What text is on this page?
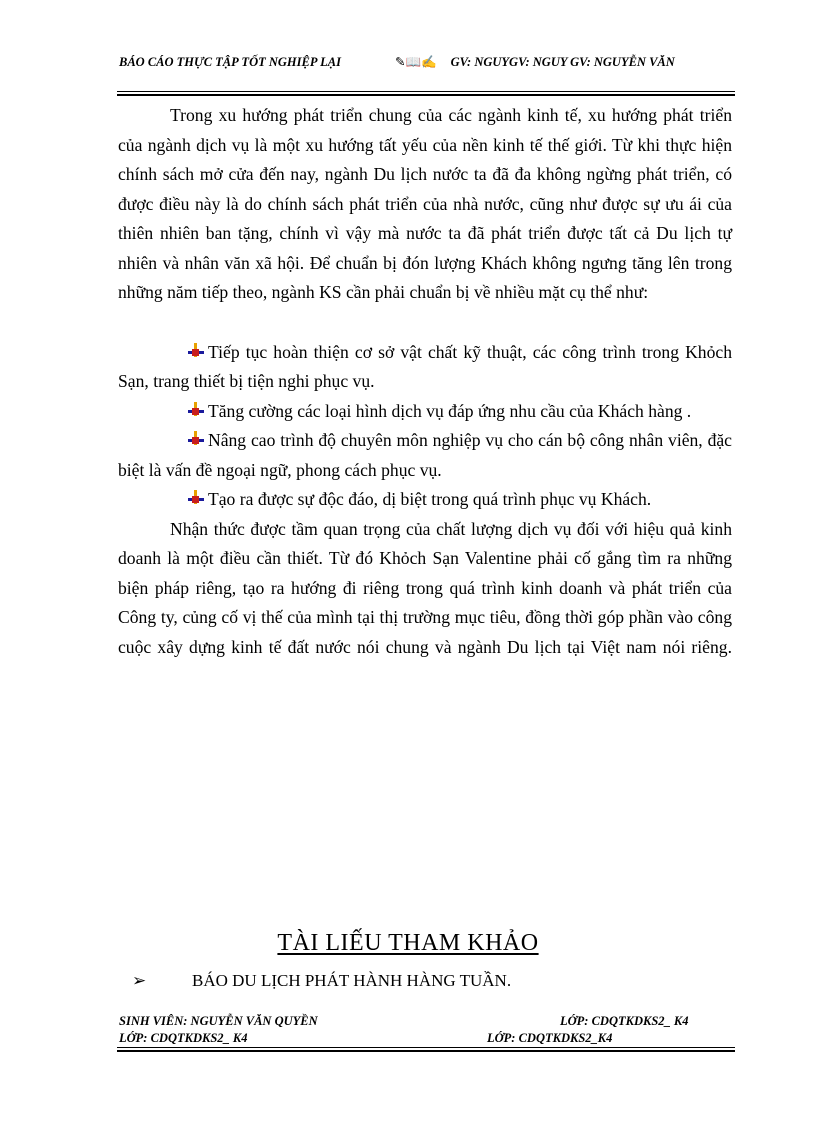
BÁO CÁO THỰC TẬP TỐT NGHIỆP LẠI	✎📖✍ GV: NGUYGV: NGUY GV: NGUYỄN VĂN

Trong xu hướng phát triển chung của các ngành kinh tế, xu hướng phát triển của ngành dịch vụ là một xu hướng tất yếu của nền kinh tế thế giới. Từ khi thực hiện chính sách mở cửa đến nay, ngành Du lịch nước ta đã đa không ngừng phát triển, có được điều này là do chính sách phát triển của nhà nước, cũng như được sự ưu ái của thiên nhiên ban tặng, chính vì vậy mà nước ta đã phát triển được tất cả Du lịch tự nhiên và nhân văn xã hội. Để chuẩn bị đón lượng Khách không ngưng tăng lên trong những năm tiếp theo, ngành KS cần phải chuẩn bị về nhiều mặt cụ thể như:

Tiếp tục hoàn thiện cơ sở vật chất kỹ thuật, các công trình trong Khỏch Sạn, trang thiết bị tiện nghi phục vụ.

Tăng cường các loại hình dịch vụ đáp ứng nhu cầu của Khách hàng .

Nâng cao trình độ chuyên môn nghiệp vụ cho cán bộ công nhân viên, đặc biệt là vấn đề ngoại ngữ, phong cách phục vụ.

Tạo ra được sự độc đáo, dị biệt trong quá trình phục vụ Khách.

Nhận thức được tầm quan trọng của chất lượng dịch vụ đối với hiệu quả kinh doanh là một điều cần thiết. Từ đó Khỏch Sạn Valentine phải cố gắng tìm ra những biện pháp riêng, tạo ra hướng đi riêng trong quá trình kinh doanh và phát triển của Công ty, củng cố vị thế của mình tại thị trường mục tiêu, đồng thời góp phần vào công cuộc xây dựng kinh tế đất nước nói chung và ngành Du lịch tại Việt nam nói riêng.

TÀI LIẾU THAM KHẢO
➢	BÁO DU LỊCH PHÁT HÀNH HÀNG TUẦN.
SINH VIÊN: NGUYỄN VĂN QUYỀN	LỚP: CDQTKDKS2_ K4
LỚP: CDQTKDKS2_ K4	LỚP: CDQTKDKS2_K4
